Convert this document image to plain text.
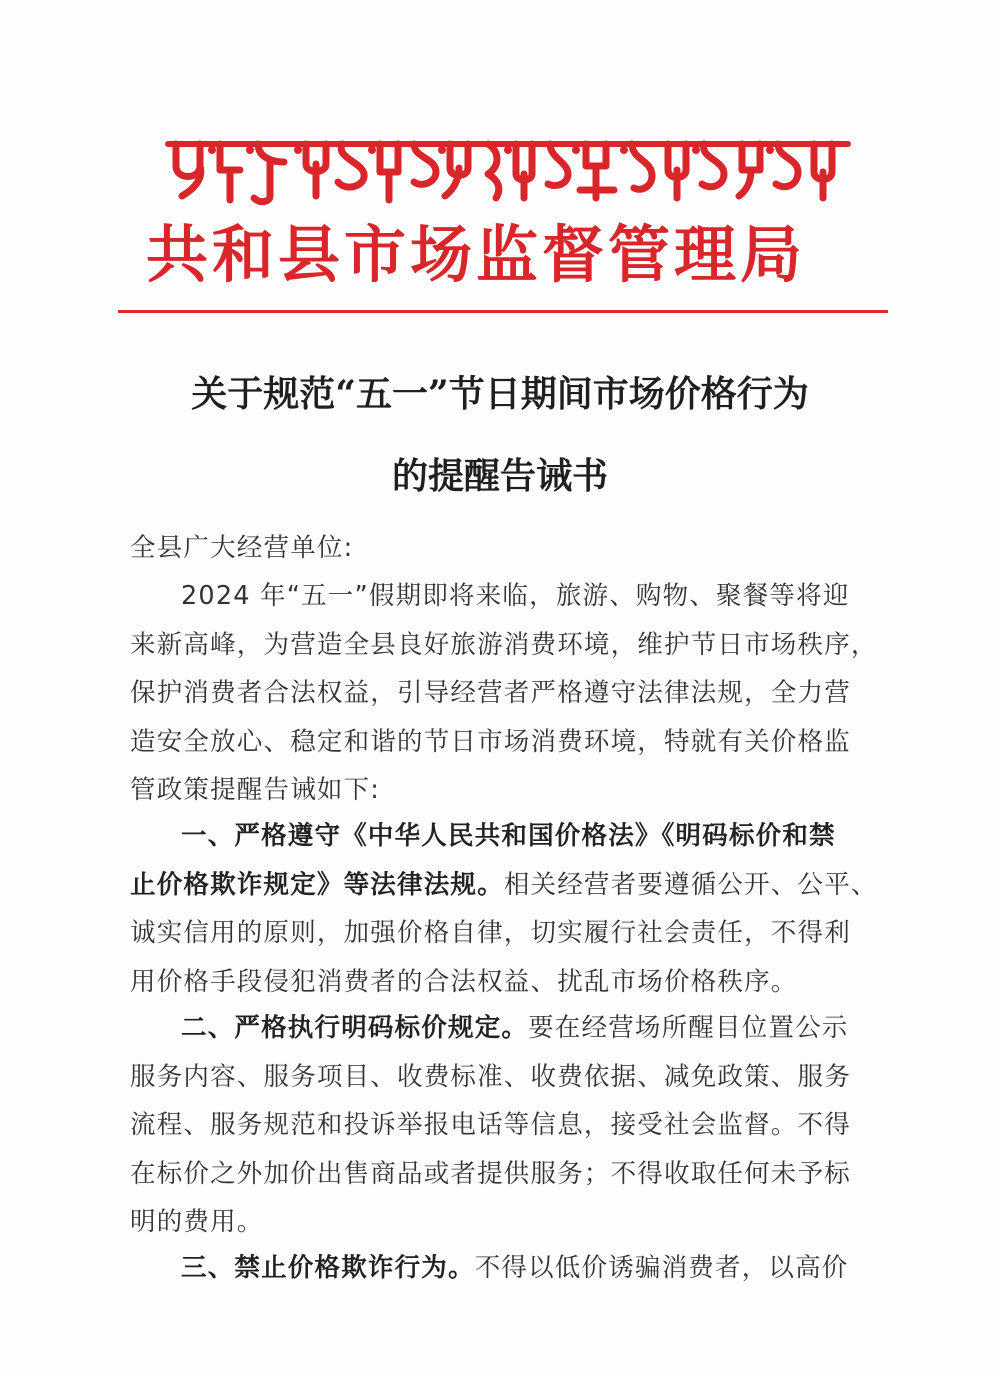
共和县市场监督管理局
关于规范“五一”节日期间市场价格行为
的提醒告诫书
全县广大经营单位:
2024 年“五一”假期即将来临，旅游、购物、聚餐等将迎
来新高峰，为营造全县良好旅游消费环境，维护节日市场秩序，
保护消费者合法权益，引导经营者严格遵守法律法规，全力营
造安全放心、稳定和谐的节日市场消费环境，特就有关价格监
管政策提醒告诫如下:
一、严格遵守《中华人民共和国价格法》《明码标价和禁
止价格欺诈规定》等法律法规。相关经营者要遵循公开、公平、
诚实信用的原则，加强价格自律，切实履行社会责任，不得利
用价格手段侵犯消费者的合法权益、扰乱市场价格秩序。
二、严格执行明码标价规定。要在经营场所醒目位置公示
服务内容、服务项目、收费标准、收费依据、减免政策、服务
流程、服务规范和投诉举报电话等信息，接受社会监督。不得
在标价之外加价出售商品或者提供服务；不得收取任何未予标
明的费用。
三、禁止价格欺诈行为。不得以低价诱骗消费者，以高价
